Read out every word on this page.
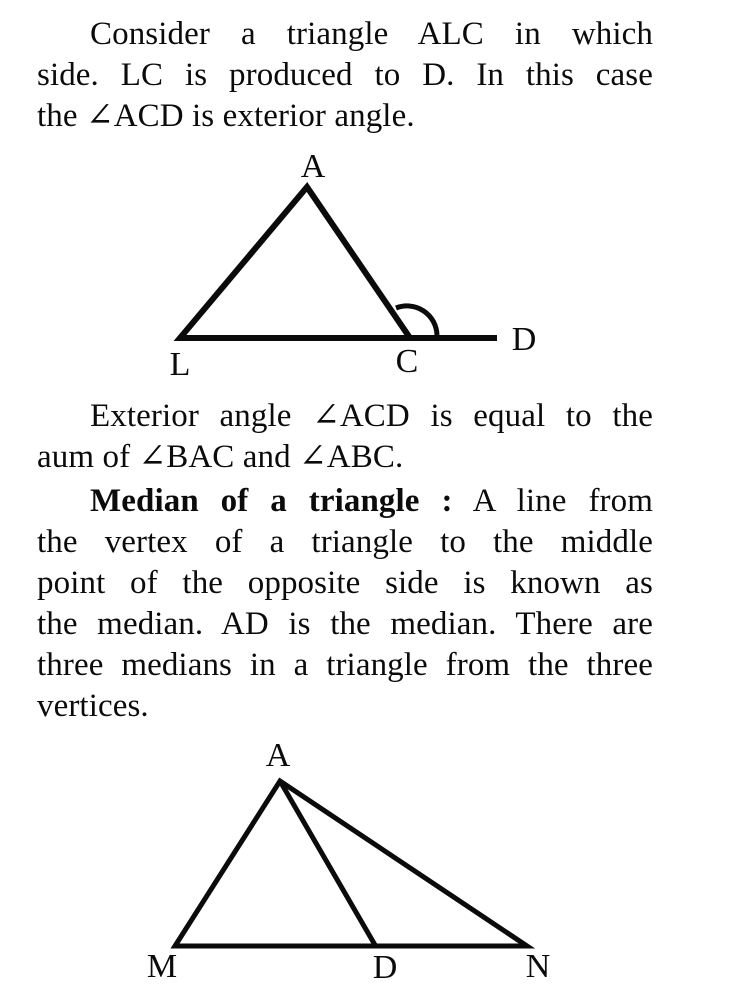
Consider a triangle ALC in which
side. LC is produced to D. In this case
the ∠ACD is exterior angle.
A
L	C
D
Exterior angle ∠ACD is equal to the
aum of ∠BAC and ∠ABC.
Median of a triangle : A line from
the vertex of a triangle to the middle
point of the opposite side is known as
the median. AD is the median. There are
three medians in a triangle from the three
vertices.
A
M	D	N
